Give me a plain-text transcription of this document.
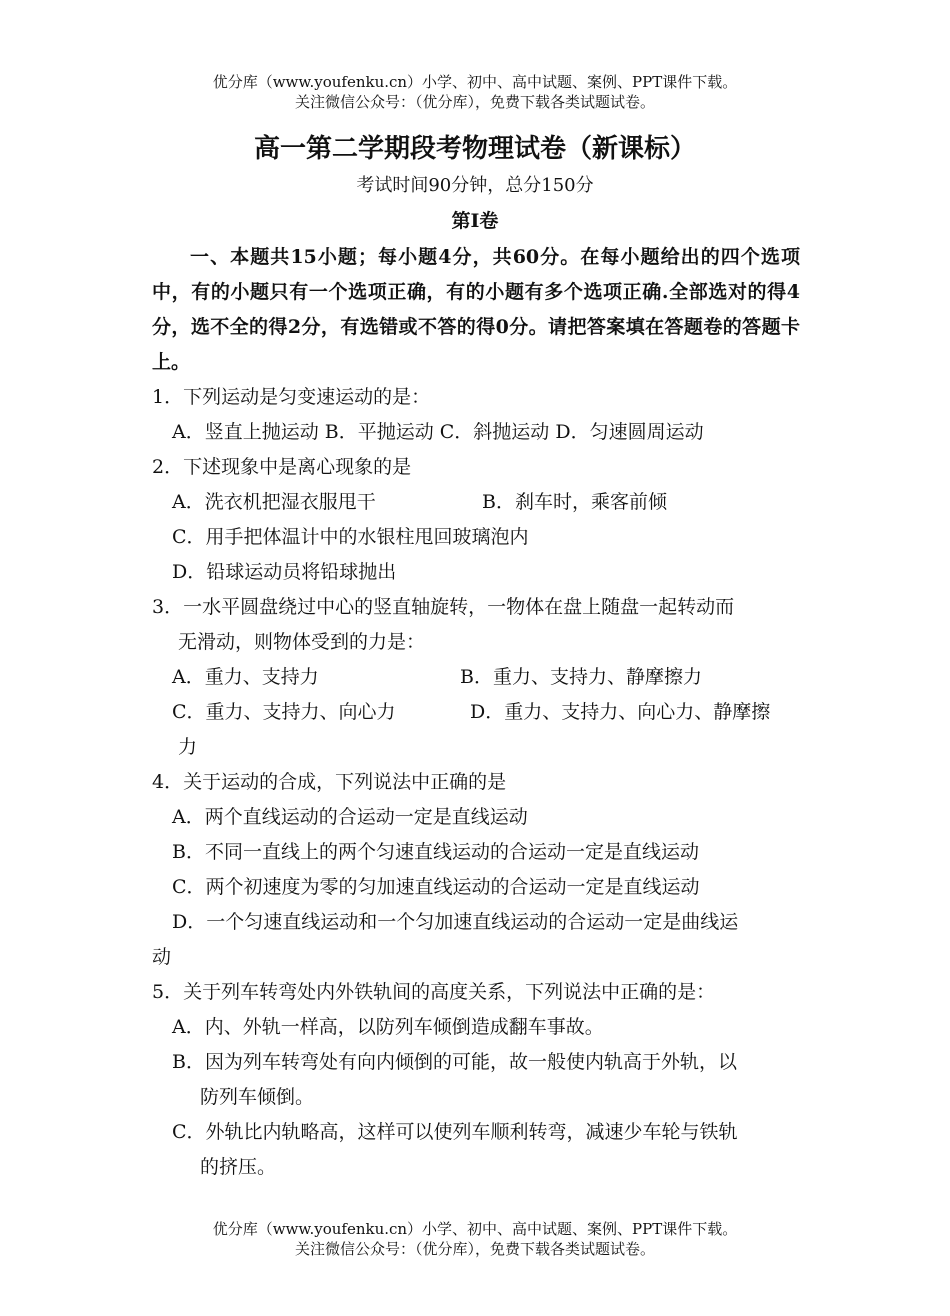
优分库（www.youfenku.cn）小学、初中、高中试题、案例、PPT课件下载。
关注微信公众号：（优分库），免费下载各类试题试卷。
高一第二学期段考物理试卷（新课标）
考试时间90分钟，总分150分
第Ⅰ卷
一、本题共15小题；每小题4分，共60分。在每小题给出的四个选项中，有的小题只有一个选项正确，有的小题有多个选项正确.全部选对的得4分，选不全的得2分，有选错或不答的得0分。请把答案填在答题卷的答题卡上。
1．下列运动是匀变速运动的是：
A．竖直上抛运动 B．平抛运动 C．斜抛运动 D．匀速圆周运动
2．下述现象中是离心现象的是
A．洗衣机把湿衣服甩干	B．刹车时，乘客前倾
C．用手把体温计中的水银柱甩回玻璃泡内
D．铅球运动员将铅球抛出
3．一水平圆盘绕过中心的竖直轴旋转，一物体在盘上随盘一起转动而
无滑动，则物体受到的力是：
A．重力、支持力	B．重力、支持力、静摩擦力
C．重力、支持力、向心力	D．重力、支持力、向心力、静摩擦
力
4．关于运动的合成，下列说法中正确的是
A．两个直线运动的合运动一定是直线运动
B．不同一直线上的两个匀速直线运动的合运动一定是直线运动
C．两个初速度为零的匀加速直线运动的合运动一定是直线运动
D．一个匀速直线运动和一个匀加速直线运动的合运动一定是曲线运
动
5．关于列车转弯处内外铁轨间的高度关系，下列说法中正确的是：
A．内、外轨一样高，以防列车倾倒造成翻车事故。
B．因为列车转弯处有向内倾倒的可能，故一般使内轨高于外轨，以
防列车倾倒。
C．外轨比内轨略高，这样可以使列车顺利转弯，减速少车轮与铁轨
的挤压。
优分库（www.youfenku.cn）小学、初中、高中试题、案例、PPT课件下载。
关注微信公众号：（优分库），免费下载各类试题试卷。
